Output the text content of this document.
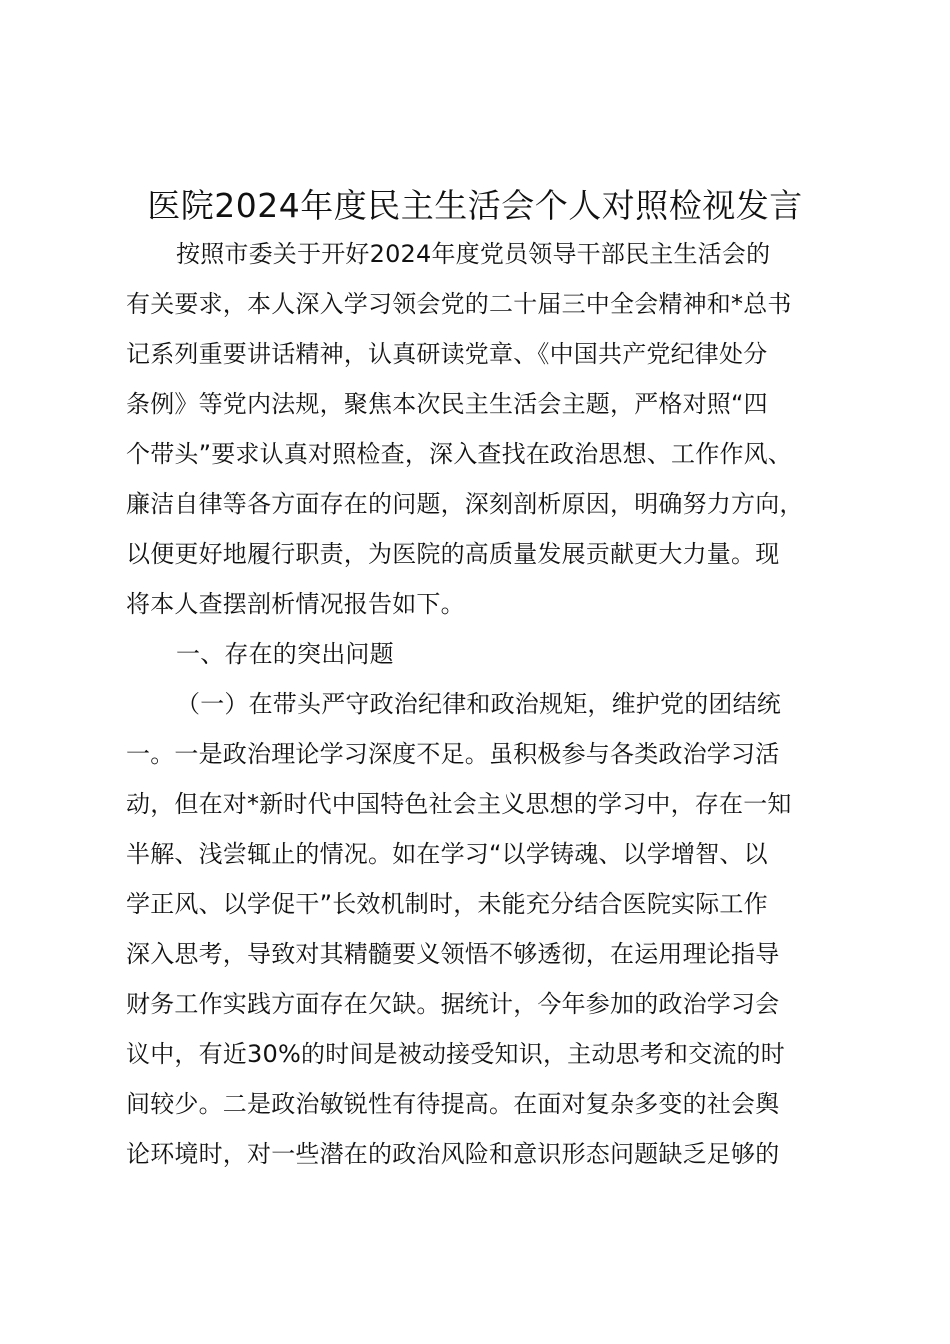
医院2024年度民主生活会个人对照检视发言
按照市委关于开好2024年度党员领导干部民主生活会的
有关要求，本人深入学习领会党的二十届三中全会精神和*总书
记系列重要讲话精神，认真研读党章、《中国共产党纪律处分
条例》等党内法规，聚焦本次民主生活会主题，严格对照“四
个带头”要求认真对照检查，深入查找在政治思想、工作作风、
廉洁自律等各方面存在的问题，深刻剖析原因，明确努力方向，
以便更好地履行职责，为医院的高质量发展贡献更大力量。现
将本人查摆剖析情况报告如下。
一、存在的突出问题
（一）在带头严守政治纪律和政治规矩，维护党的团结统
一。一是政治理论学习深度不足。虽积极参与各类政治学习活
动，但在对*新时代中国特色社会主义思想的学习中，存在一知
半解、浅尝辄止的情况。如在学习“以学铸魂、以学增智、以
学正风、以学促干”长效机制时，未能充分结合医院实际工作
深入思考，导致对其精髓要义领悟不够透彻，在运用理论指导
财务工作实践方面存在欠缺。据统计，今年参加的政治学习会
议中，有近30%的时间是被动接受知识，主动思考和交流的时
间较少。二是政治敏锐性有待提高。在面对复杂多变的社会舆
论环境时，对一些潜在的政治风险和意识形态问题缺乏足够的
